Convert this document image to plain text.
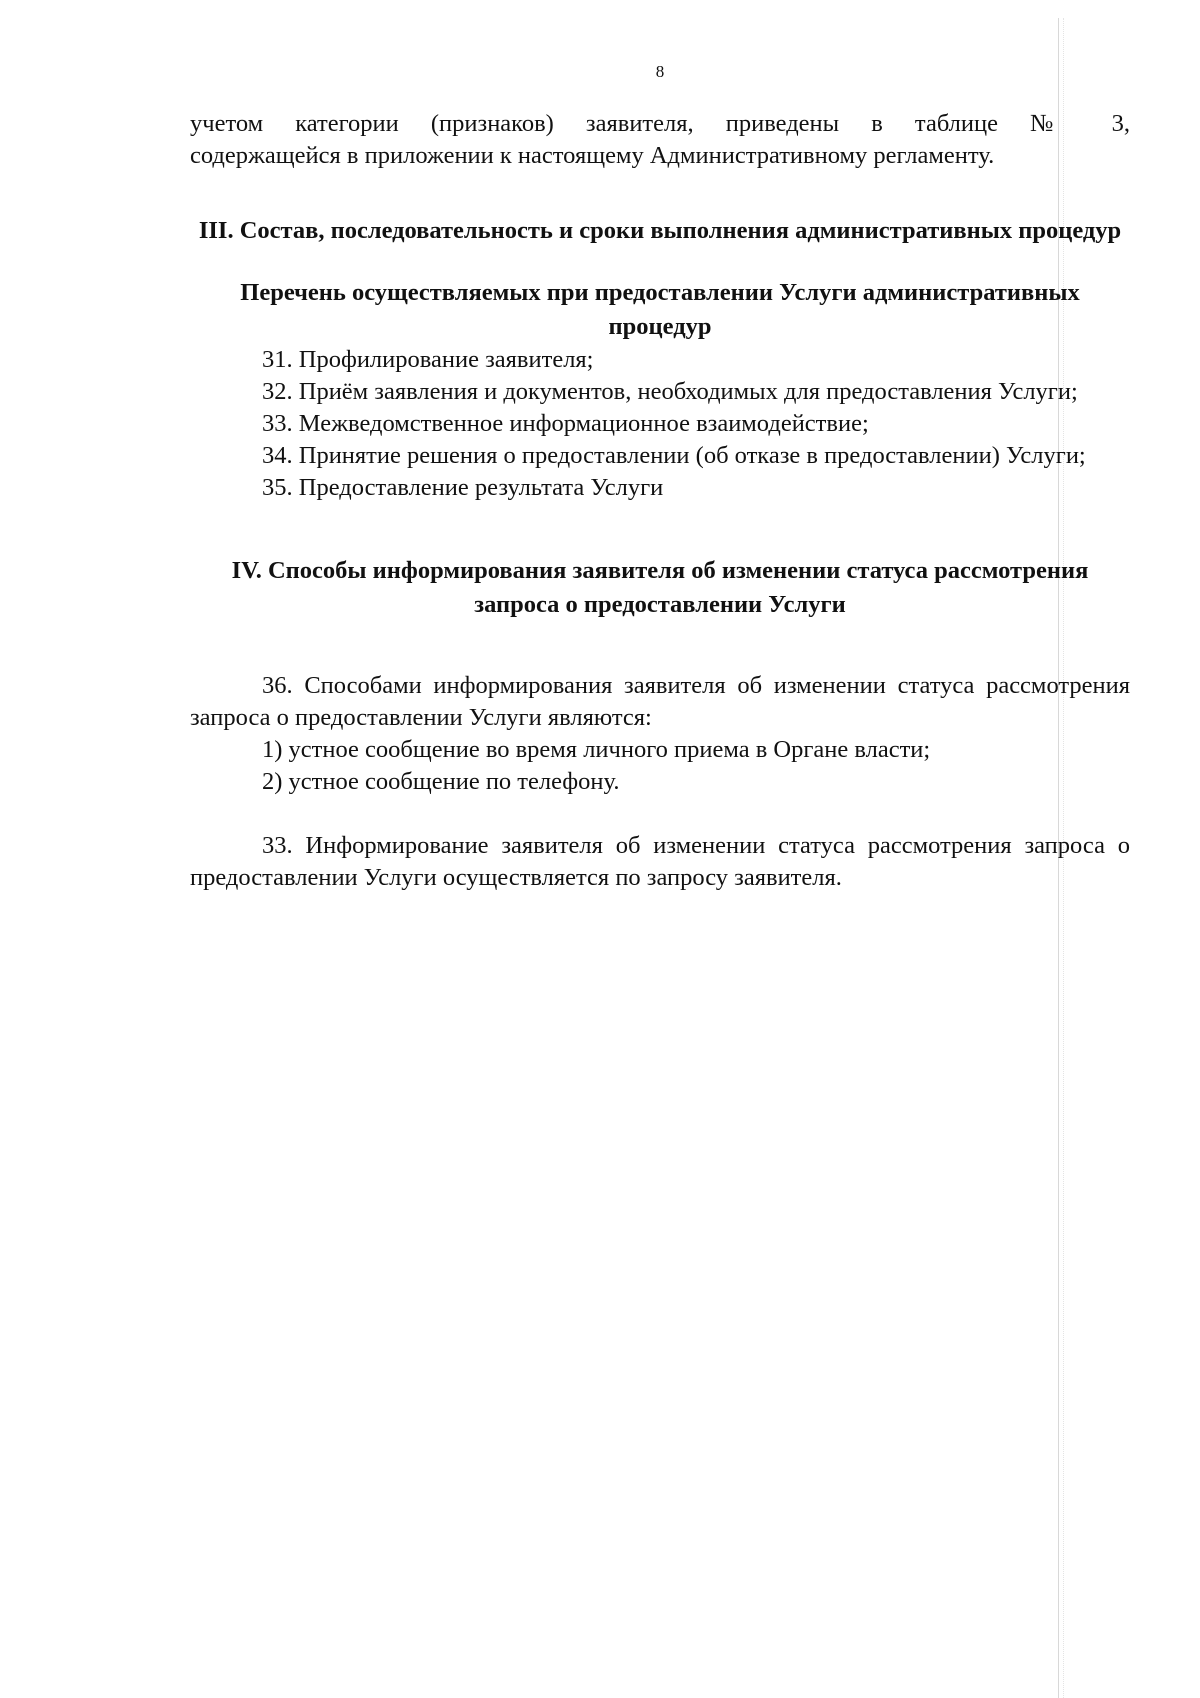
8
учетом категории (признаков) заявителя, приведены в таблице № 3,
содержащейся в приложении к настоящему Административному регламенту.
III. Состав, последовательность и сроки выполнения административных процедур
Перечень осуществляемых при предоставлении Услуги административных процедур

31. Профилирование заявителя;

32. Приём заявления и документов, необходимых для предоставления Услуги;

33. Межведомственное информационное взаимодействие;

34. Принятие решения о предоставлении (об отказе в предоставлении) Услуги;

35. Предоставление результата Услуги

IV. Способы информирования заявителя об изменении статуса рассмотрения запроса о предоставлении Услуги

36. Способами информирования заявителя об изменении статуса рассмотрения запроса о предоставлении Услуги являются:

1) устное сообщение во время личного приема в Органе власти;

2) устное сообщение по телефону.

33. Информирование заявителя об изменении статуса рассмотрения запроса о предоставлении Услуги осуществляется по запросу заявителя.
